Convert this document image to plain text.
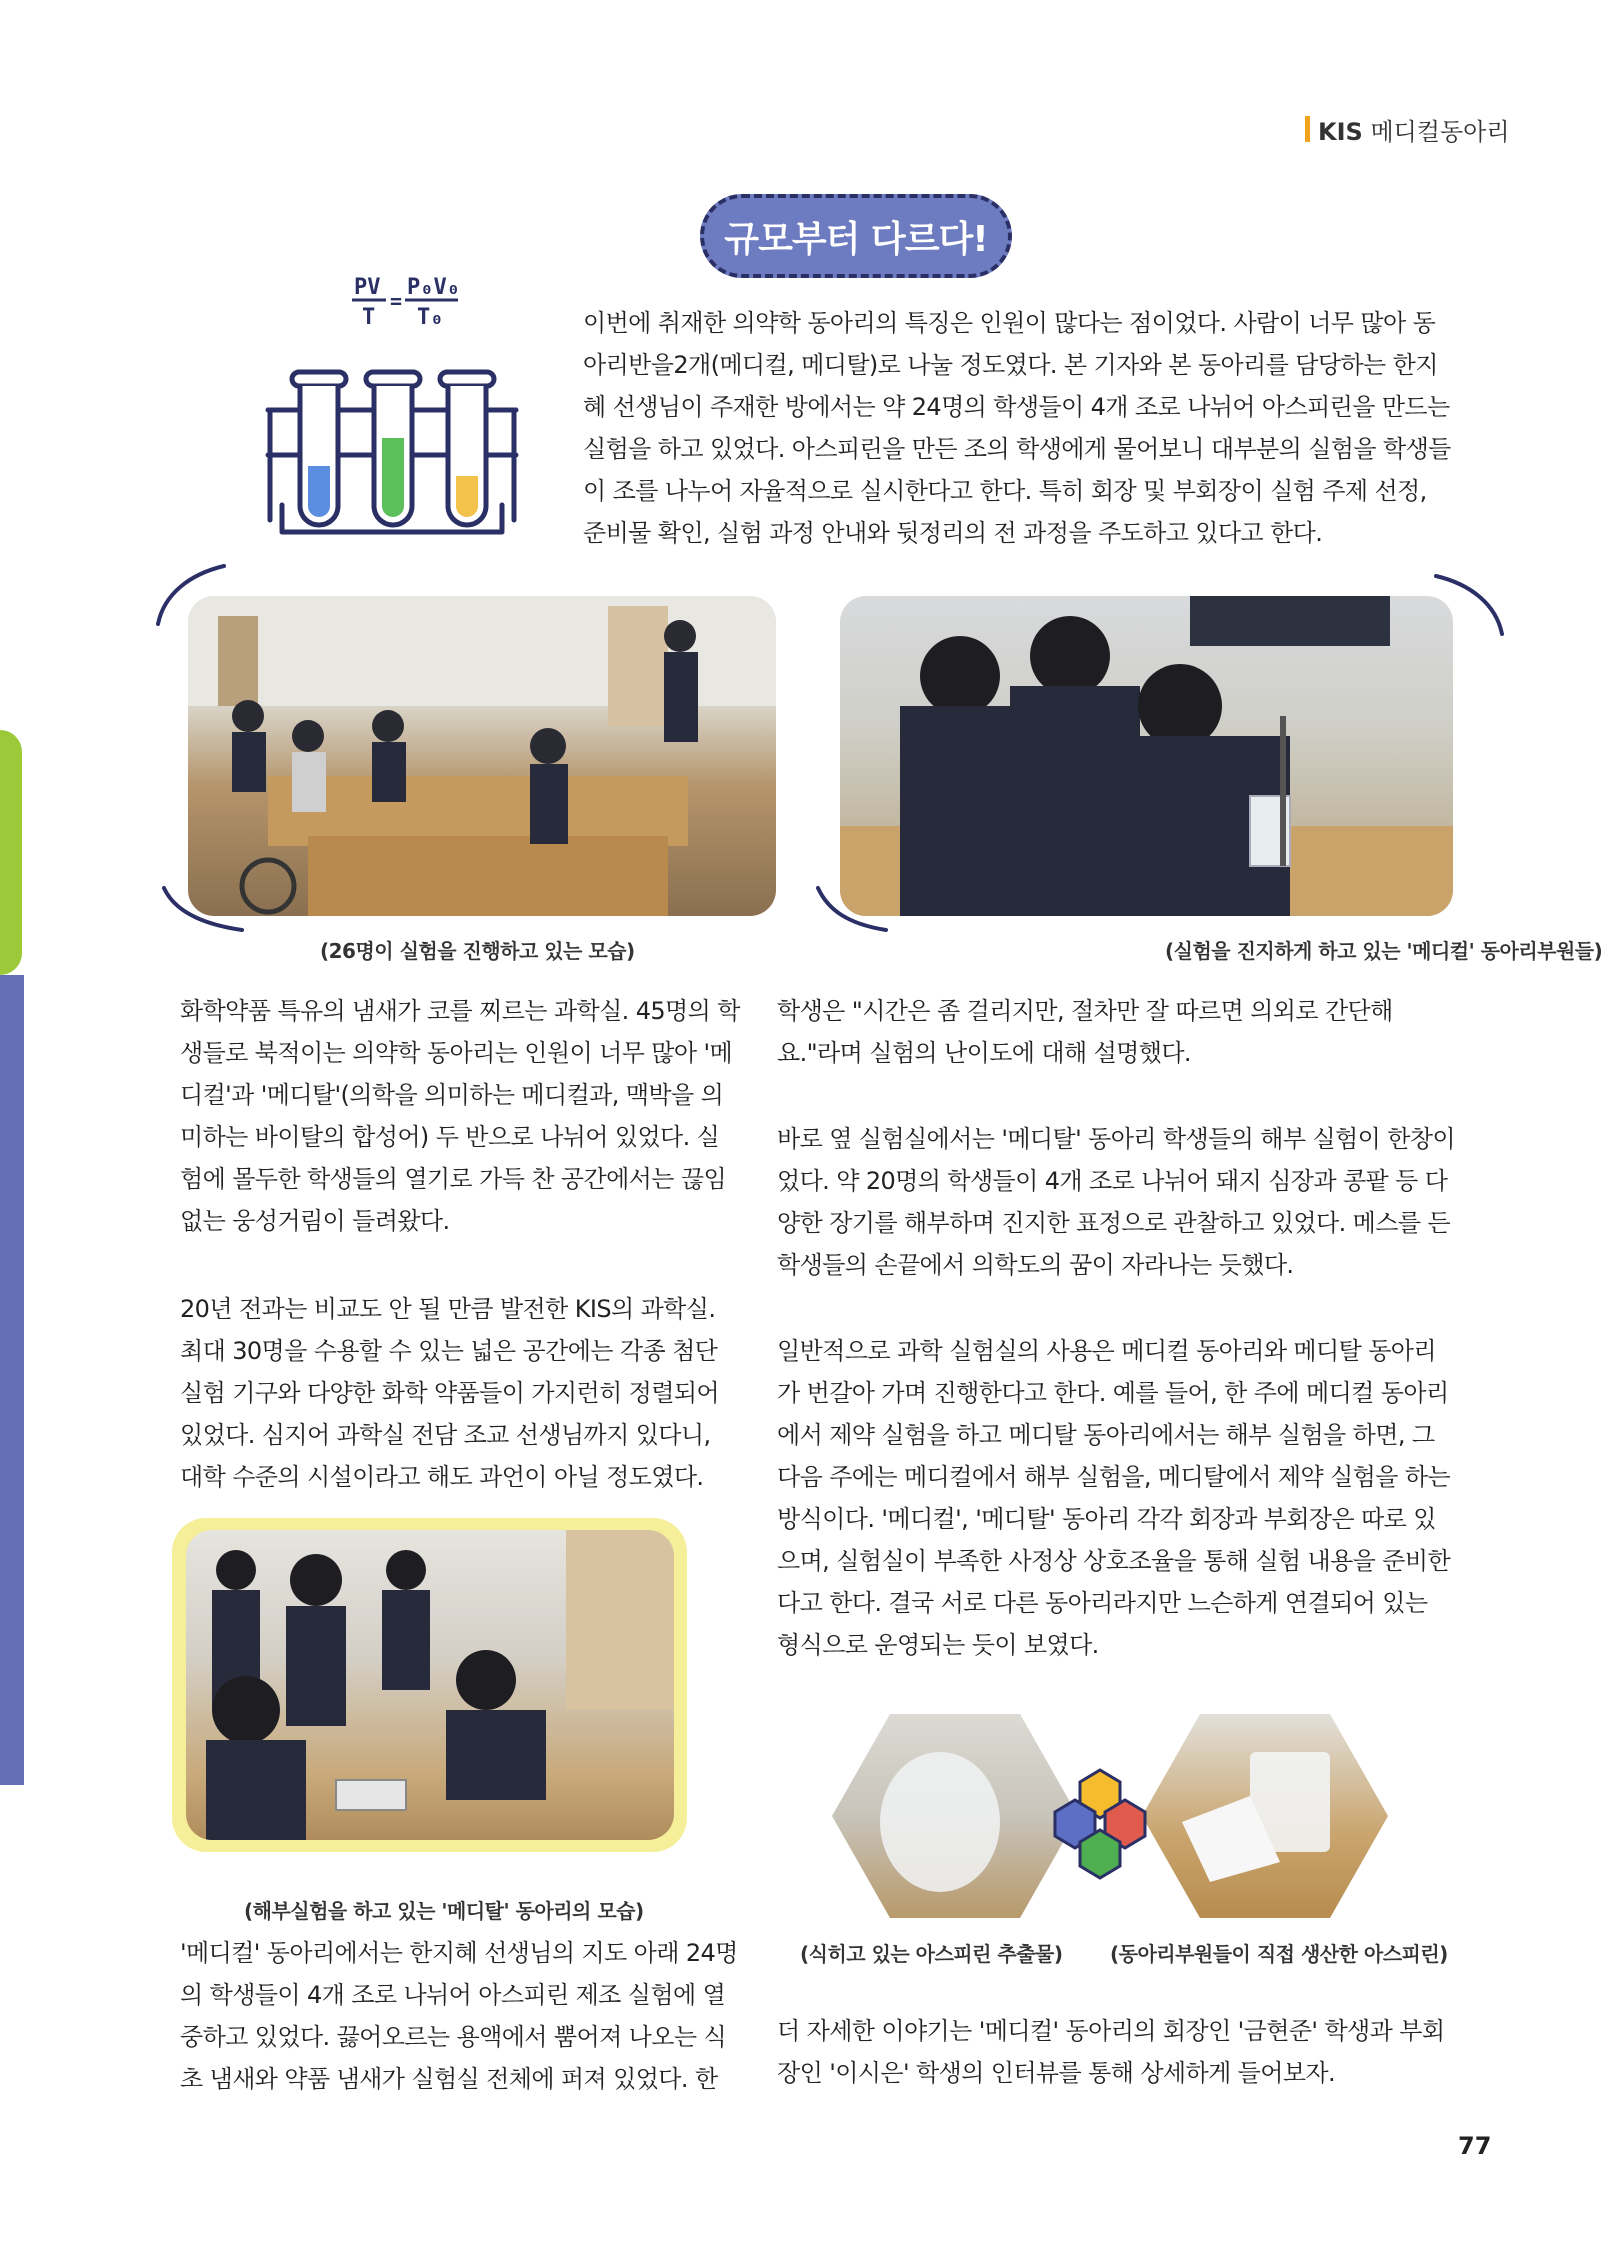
KIS 메디컬동아리
규모부터 다르다!
PV
T
=
P₀V₀
T₀	이번에 취재한 의약학 동아리의 특징은 인원이 많다는 점이었다. 사람이 너무 많아 동아리반을2개(메디컬, 메디탈)로 나눌 정도였다. 본 기자와 본 동아리를 담당하는 한지혜 선생님이 주재한 방에서는 약 24명의 학생들이 4개 조로 나뉘어 아스피린을 만드는 실험을 하고 있었다. 아스피린을 만든 조의 학생에게 물어보니 대부분의 실험을 학생들이 조를 나누어 자율적으로 실시한다고 한다. 특히 회장 및 부회장이 실험 주제 선정, 준비물 확인, 실험 과정 안내와 뒷정리의 전 과정을 주도하고 있다고 한다.
(26명이 실험을 진행하고 있는 모습)	(실험을 진지하게 하고 있는 '메디컬' 동아리부원들)
화학약품 특유의 냄새가 코를 찌르는 과학실. 45명의 학생들로 북적이는 의약학 동아리는 인원이 너무 많아 '메디컬'과 '메디탈'(의학을 의미하는 메디컬과, 맥박을 의미하는 바이탈의 합성어) 두 반으로 나뉘어 있었다. 실험에 몰두한 학생들의 열기로 가득 찬 공간에서는 끊임없는 웅성거림이 들려왔다.
20년 전과는 비교도 안 될 만큼 발전한 KIS의 과학실. 최대 30명을 수용할 수 있는 넓은 공간에는 각종 첨단 실험 기구와 다양한 화학 약품들이 가지런히 정렬되어 있었다. 심지어 과학실 전담 조교 선생님까지 있다니, 대학 수준의 시설이라고 해도 과언이 아닐 정도였다.
(해부실험을 하고 있는 '메디탈' 동아리의 모습)
'메디컬' 동아리에서는 한지혜 선생님의 지도 아래 24명의 학생들이 4개 조로 나뉘어 아스피린 제조 실험에 열중하고 있었다. 끓어오르는 용액에서 뿜어져 나오는 식초 냄새와 약품 냄새가 실험실 전체에 퍼져 있었다. 한
학생은 "시간은 좀 걸리지만, 절차만 잘 따르면 의외로 간단해요."라며 실험의 난이도에 대해 설명했다.
바로 옆 실험실에서는 '메디탈' 동아리 학생들의 해부 실험이 한창이었다. 약 20명의 학생들이 4개 조로 나뉘어 돼지 심장과 콩팥 등 다양한 장기를 해부하며 진지한 표정으로 관찰하고 있었다. 메스를 든 학생들의 손끝에서 의학도의 꿈이 자라나는 듯했다.
일반적으로 과학 실험실의 사용은 메디컬 동아리와 메디탈 동아리가 번갈아 가며 진행한다고 한다. 예를 들어, 한 주에 메디컬 동아리에서 제약 실험을 하고 메디탈 동아리에서는 해부 실험을 하면, 그 다음 주에는 메디컬에서 해부 실험을, 메디탈에서 제약 실험을 하는 방식이다. '메디컬', '메디탈' 동아리 각각 회장과 부회장은 따로 있으며, 실험실이 부족한 사정상 상호조율을 통해 실험 내용을 준비한다고 한다. 결국 서로 다른 동아리라지만 느슨하게 연결되어 있는 형식으로 운영되는 듯이 보였다.
(식히고 있는 아스피린 추출물) (동아리부원들이 직접 생산한 아스피린)
더 자세한 이야기는 '메디컬' 동아리의 회장인 '금현준' 학생과 부회장인 '이시은' 학생의 인터뷰를 통해 상세하게 들어보자.
77
